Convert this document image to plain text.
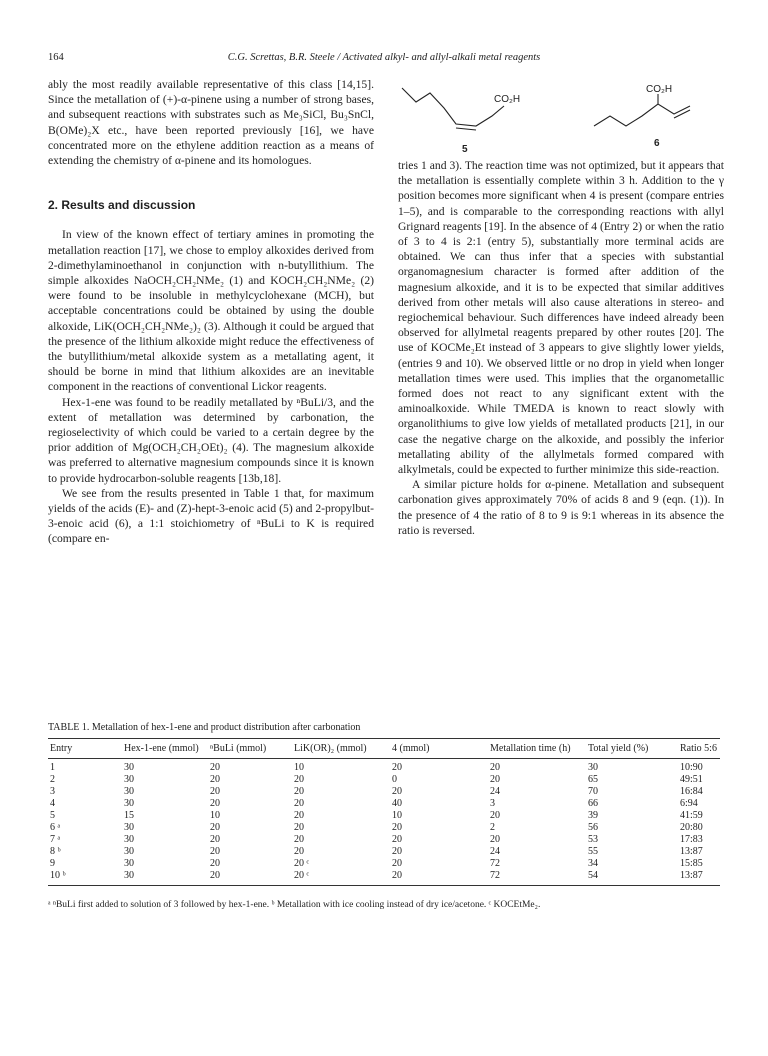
164	C.G. Screttas, B.R. Steele / Activated alkyl- and allyl-alkali metal reagents

ably the most readily available representative of this class [14,15]. Since the metallation of (+)-α-pinene using a number of strong bases, and subsequent reactions with substrates such as Me₃SiCl, Bu₃SnCl, B(OMe)₂X etc., have been reported previously [16], we have concentrated more on the ethylene addition reaction as a means of extending the chemistry of α-pinene and its homologues.

2. Results and discussion

In view of the known effect of tertiary amines in promoting the metallation reaction [17], we chose to employ alkoxides derived from 2-dimethylaminoethanol in conjunction with n-butyllithium. The simple alkoxides NaOCH₂CH₂NMe₂ (1) and KOCH₂CH₂NMe₂ (2) were found to be insoluble in methylcyclohexane (MCH), but acceptable concentrations could be obtained by using the double alkoxide, LiK(OCH₂CH₂NMe₂)₂ (3). Although it could be argued that the presence of the lithium alkoxide might reduce the effectiveness of the butyllithium/metal alkoxide system as a metallating agent, it should be borne in mind that lithium alkoxides are an inevitable component in the reactions of conventional Lickor reagents.

Hex-1-ene was found to be readily metallated by ⁿBuLi/3, and the extent of metallation was determined by carbonation, the regioselectivity of which could be varied to a certain degree by the prior addition of Mg(OCH₂CH₂OEt)₂ (4). The magnesium alkoxide was preferred to alternative magnesium compounds since it is known to provide hydrocarbon-soluble reagents [13b,18].

We see from the results presented in Table 1 that, for maximum yields of the acids (E)- and (Z)-hept-3-enoic acid (5) and 2-propylbut-3-enoic acid (6), a 1:1 stoichiometry of ⁿBuLi to K is required (compare en-

CO₂H
5
CO₂H
6

tries 1 and 3). The reaction time was not optimized, but it appears that the metallation is essentially complete within 3 h. Addition to the γ position becomes more significant when 4 is present (compare entries 1–5), and is comparable to the corresponding reactions with allyl Grignard reagents [19]. In the absence of 4 (Entry 2) or when the ratio of 3 to 4 is 2:1 (entry 5), substantially more terminal acids are obtained. We can thus infer that a species with substantial organomagnesium character is formed after addition of the magnesium alkoxide, and it is to be expected that similar additives derived from other metals will also cause alterations in stereo- and regiochemical behaviour. Such differences have indeed already been observed for allylmetal reagents prepared by other routes [20]. The use of KOCMe₂Et instead of 3 appears to give slightly lower yields, (entries 9 and 10). We observed little or no drop in yield when longer metallation times were used. This implies that the organometallic formed does not react to any significant extent with the aminoalkoxide. While TMEDA is known to react slowly with organolithiums to give low yields of metallated products [21], in our case the negative charge on the alkoxide, and possibly the inferior metallating ability of the allylmetals formed compared with alkylmetals, could be expected to further minimize this side-reaction.

A similar picture holds for α-pinene. Metallation and subsequent carbonation gives approximately 70% of acids 8 and 9 (eqn. (1)). In the presence of 4 the ratio of 8 to 9 is 9:1 whereas in its absence the ratio is reversed.

TABLE 1. Metallation of hex-1-ene and product distribution after carbonation
Entry	Hex-1-ene (mmol)	ⁿBuLi (mmol)	LiK(OR)₂ (mmol)	4 (mmol)	Metallation time (h)	Total yield (%)	Ratio 5:6
1	30	20	10	20	20	30	10:90
2	30	20	20	0	20	65	49:51
3	30	20	20	20	24	70	16:84
4	30	20	20	40	3	66	6:94
5	15	10	20	10	20	39	41:59
6 ᵃ	30	20	20	20	2	56	20:80
7 ᵃ	30	20	20	20	20	53	17:83
8 ᵇ	30	20	20	20	24	55	13:87
9	30	20	20 ᶜ	20	72	34	15:85
10 ᵇ	30	20	20 ᶜ	20	72	54	13:87
ᵃ ⁿBuLi first added to solution of 3 followed by hex-1-ene. ᵇ Metallation with ice cooling instead of dry ice/acetone. ᶜ KOCEtMe₂.
